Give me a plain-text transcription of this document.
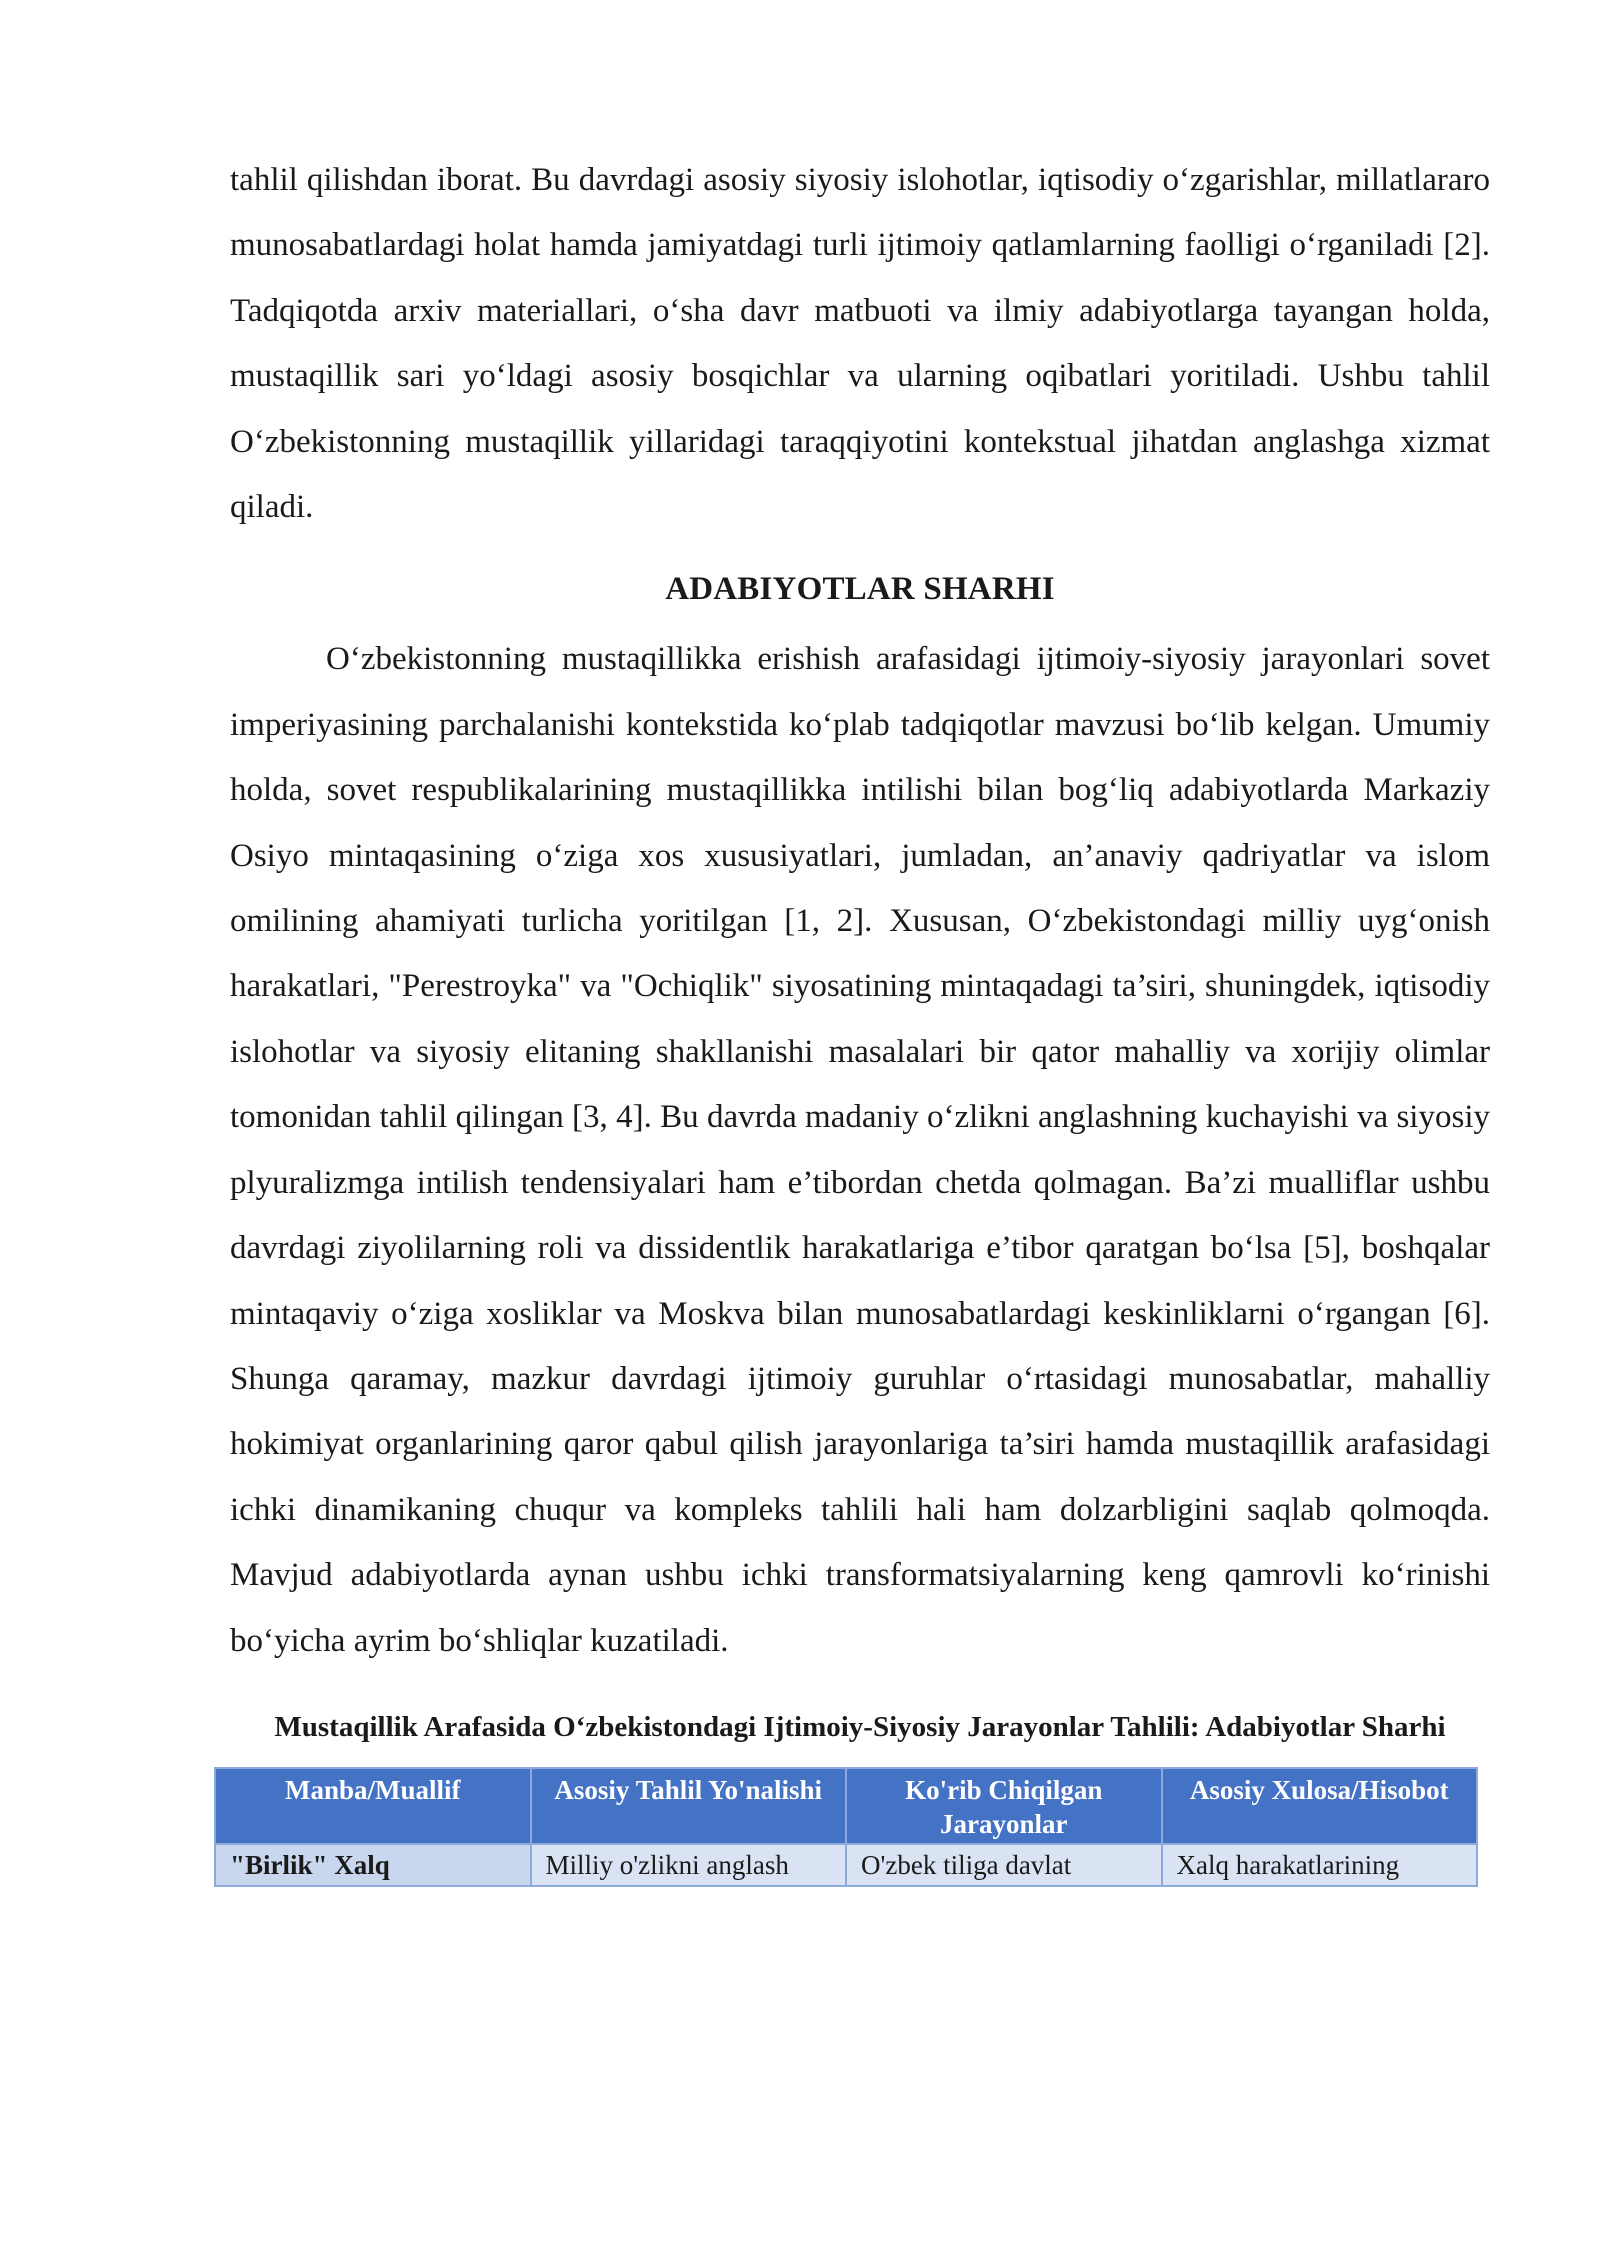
tahlil qilishdan iborat. Bu davrdagi asosiy siyosiy islohotlar, iqtisodiy o‘zgarishlar, millatlararo munosabatlardagi holat hamda jamiyatdagi turli ijtimoiy qatlamlarning faolligi o‘rganiladi [2]. Tadqiqotda arxiv materiallari, o‘sha davr matbuoti va ilmiy adabiyotlarga tayangan holda, mustaqillik sari yo‘ldagi asosiy bosqichlar va ularning oqibatlari yoritiladi. Ushbu tahlil O‘zbekistonning mustaqillik yillaridagi taraqqiyotini kontekstual jihatdan anglashga xizmat qiladi.

ADABIYOTLAR SHARHI

O‘zbekistonning mustaqillikka erishish arafasidagi ijtimoiy-siyosiy jarayonlari sovet imperiyasining parchalanishi kontekstida ko‘plab tadqiqotlar mavzusi bo‘lib kelgan. Umumiy holda, sovet respublikalarining mustaqillikka intilishi bilan bog‘liq adabiyotlarda Markaziy Osiyo mintaqasining o‘ziga xos xususiyatlari, jumladan, an’anaviy qadriyatlar va islom omilining ahamiyati turlicha yoritilgan [1, 2]. Xususan, O‘zbekistondagi milliy uyg‘onish harakatlari, "Perestroyka" va "Ochiqlik" siyosatining mintaqadagi ta’siri, shuningdek, iqtisodiy islohotlar va siyosiy elitaning shakllanishi masalalari bir qator mahalliy va xorijiy olimlar tomonidan tahlil qilingan [3, 4]. Bu davrda madaniy o‘zlikni anglashning kuchayishi va siyosiy plyuralizmga intilish tendensiyalari ham e’tibordan chetda qolmagan. Ba’zi mualliflar ushbu davrdagi ziyolilarning roli va dissidentlik harakatlariga e’tibor qaratgan bo‘lsa [5], boshqalar mintaqaviy o‘ziga xosliklar va Moskva bilan munosabatlardagi keskinliklarni o‘rgangan [6]. Shunga qaramay, mazkur davrdagi ijtimoiy guruhlar o‘rtasidagi munosabatlar, mahalliy hokimiyat organlarining qaror qabul qilish jarayonlariga ta’siri hamda mustaqillik arafasidagi ichki dinamikaning chuqur va kompleks tahlili hali ham dolzarbligini saqlab qolmoqda. Mavjud adabiyotlarda aynan ushbu ichki transformatsiyalarning keng qamrovli ko‘rinishi bo‘yicha ayrim bo‘shliqlar kuzatiladi.

Mustaqillik Arafasida O‘zbekistondagi Ijtimoiy-Siyosiy Jarayonlar Tahlili: Adabiyotlar Sharhi
Manba/Muallif	Asosiy Tahlil Yo'nalishi	Ko'rib Chiqilgan Jarayonlar	Asosiy Xulosa/Hisobot
"Birlik" Xalq	Milliy o'zlikni anglash	O'zbek tiliga davlat	Xalq harakatlarining
